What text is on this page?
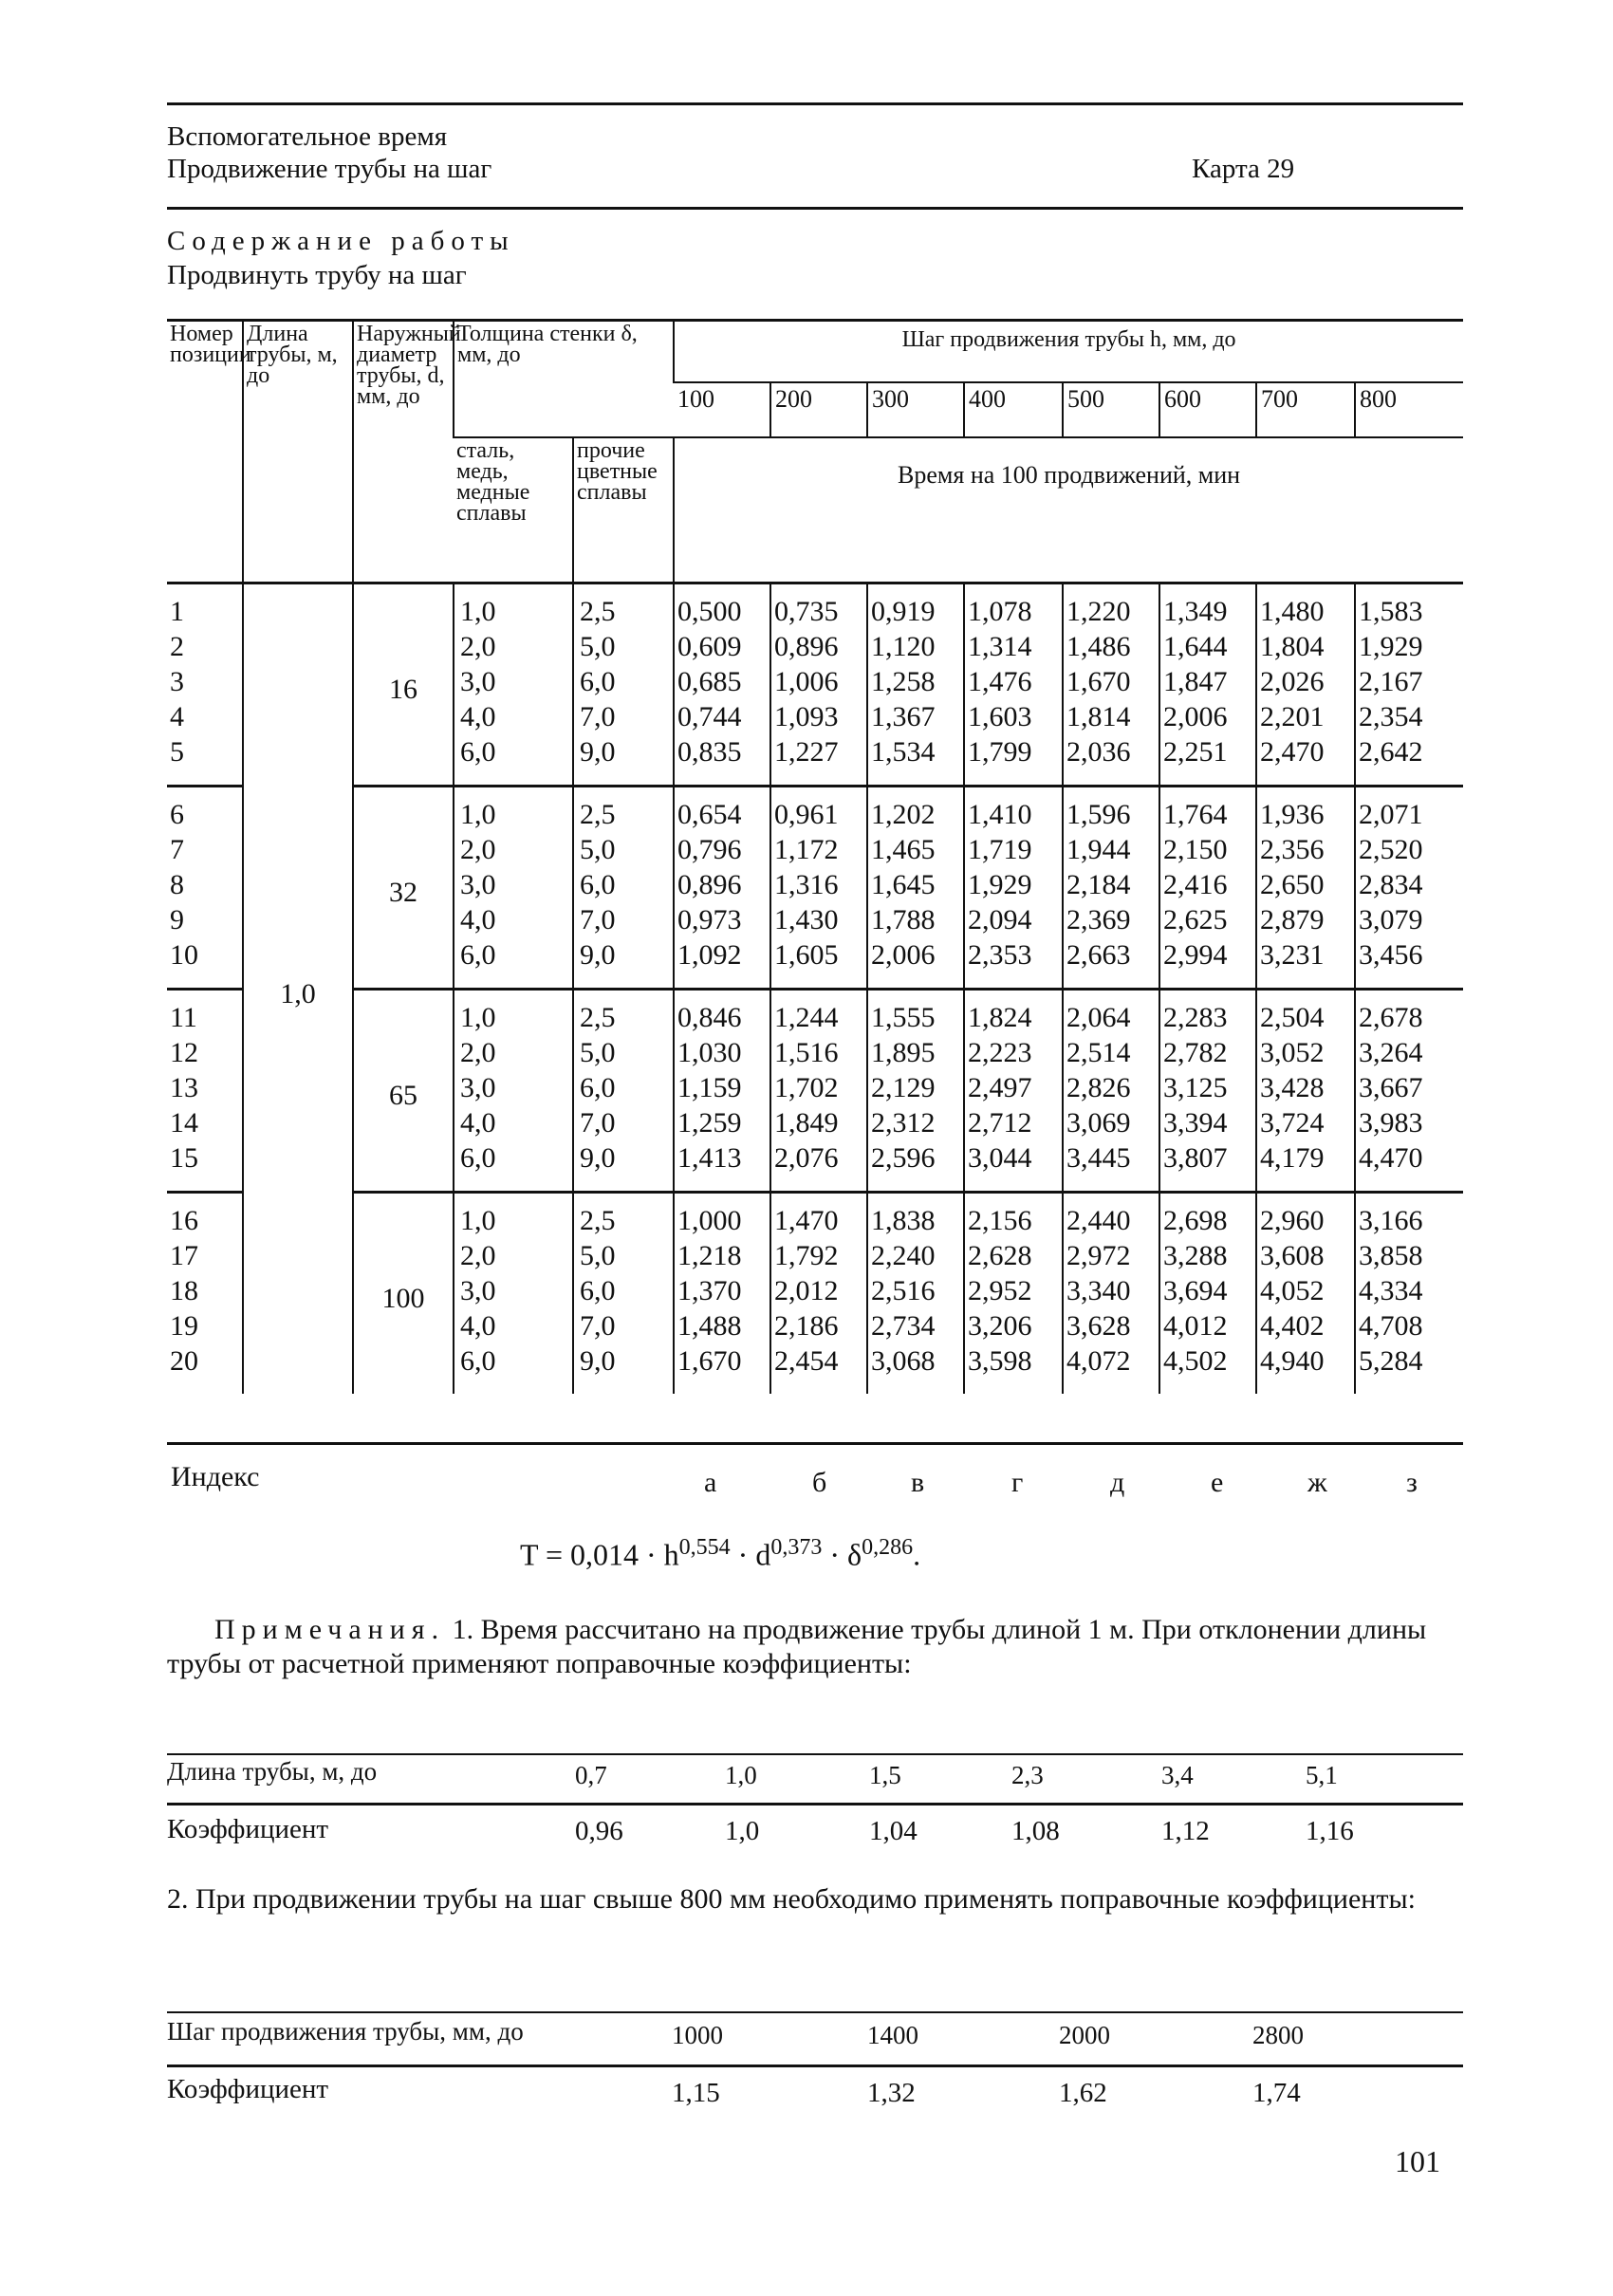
Вспомогательное время
Продвижение трубы на шаг	Карта 29
Содержание работы
Продвинуть трубу на шаг
Номер позиции	Длина трубы, м, до	Наружный диаметр трубы, d, мм, до	Толщина стенки δ, мм, до		Шаг продвижения трубы h, мм, до							
					100	200	300	400	500	600	700	800
			сталь, медь, медные сплавы	прочие цветные сплавы	Время на 100 продвижений, мин							
1	1,0	16	1,0	2,5	0,500	0,735	0,919	1,078	1,220	1,349	1,480	1,583
2			2,0	5,0	0,609	0,896	1,120	1,314	1,486	1,644	1,804	1,929
3			3,0	6,0	0,685	1,006	1,258	1,476	1,670	1,847	2,026	2,167
4			4,0	7,0	0,744	1,093	1,367	1,603	1,814	2,006	2,201	2,354
5			6,0	9,0	0,835	1,227	1,534	1,799	2,036	2,251	2,470	2,642
6		32	1,0	2,5	0,654	0,961	1,202	1,410	1,596	1,764	1,936	2,071
7			2,0	5,0	0,796	1,172	1,465	1,719	1,944	2,150	2,356	2,520
8			3,0	6,0	0,896	1,316	1,645	1,929	2,184	2,416	2,650	2,834
9			4,0	7,0	0,973	1,430	1,788	2,094	2,369	2,625	2,879	3,079
10			6,0	9,0	1,092	1,605	2,006	2,353	2,663	2,994	3,231	3,456
11		65	1,0	2,5	0,846	1,244	1,555	1,824	2,064	2,283	2,504	2,678
12			2,0	5,0	1,030	1,516	1,895	2,223	2,514	2,782	3,052	3,264
13			3,0	6,0	1,159	1,702	2,129	2,497	2,826	3,125	3,428	3,667
14			4,0	7,0	1,259	1,849	2,312	2,712	3,069	3,394	3,724	3,983
15			6,0	9,0	1,413	2,076	2,596	3,044	3,445	3,807	4,179	4,470
16		100	1,0	2,5	1,000	1,470	1,838	2,156	2,440	2,698	2,960	3,166
17			2,0	5,0	1,218	1,792	2,240	2,628	2,972	3,288	3,608	3,858
18			3,0	6,0	1,370	2,012	2,516	2,952	3,340	3,694	4,052	4,334
19			4,0	7,0	1,488	2,186	2,734	3,206	3,628	4,012	4,402	4,708
20			6,0	9,0	1,670	2,454	3,068	3,598	4,072	4,502	4,940	5,284
Индекс	а	б	в	г	д	е	ж	з
$T = 0,014 \cdot h^{0,554} \cdot d^{0,373} \cdot \delta^{0,286}$.
Примечания. 1. Время рассчитано на продвижение трубы длиной 1 м. При отклонении длины трубы от расчетной применяют поправочные коэффициенты:
Длина трубы, м, до	0,7	1,0	1,5	2,3	3,4	5,1
Коэффициент	0,96	1,0	1,04	1,08	1,12	1,16
2. При продвижении трубы на шаг свыше 800 мм необходимо применять поправочные коэффициенты:
Шаг продвижения трубы, мм, до	1000	1400	2000	2800
Коэффициент	1,15	1,32	1,62	1,74
101
